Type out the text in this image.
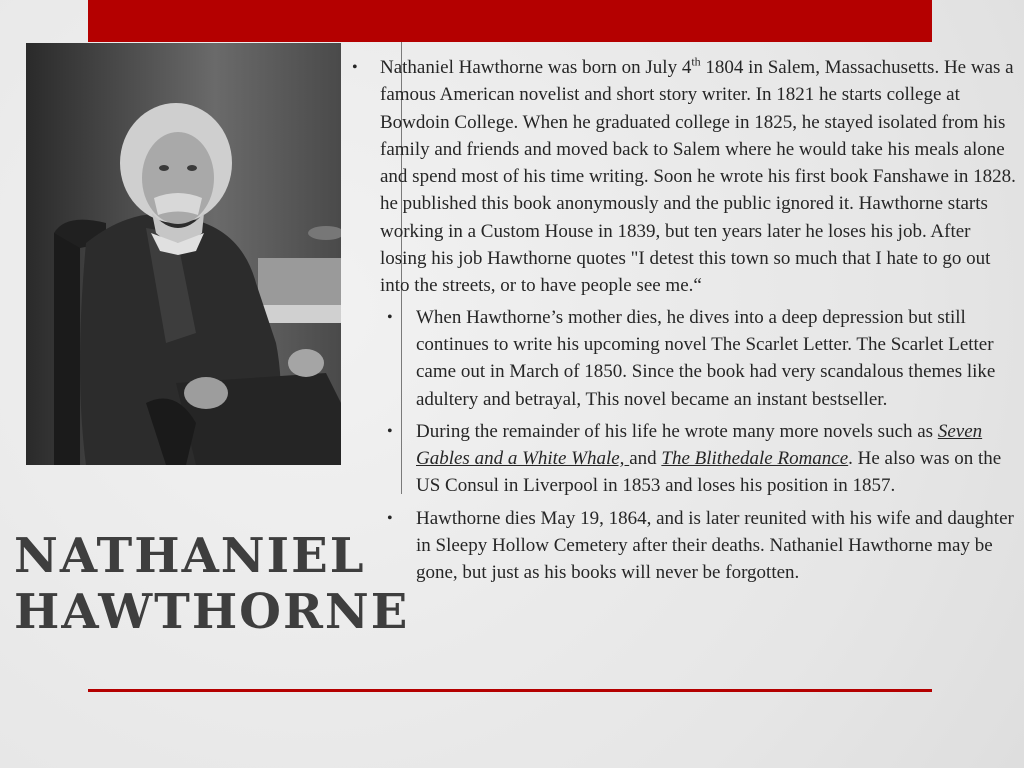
NATHANIEL
HAWTHORNE

• Nathaniel Hawthorne was born on July 4th 1804 in Salem, Massachusetts. He was a famous American novelist and short story writer. In 1821 he starts college at Bowdoin College. When he graduated college in 1825, he stayed isolated from his family and friends and moved back to Salem where he would take his meals alone and spend most of his time writing. Soon he wrote his first book Fanshawe in 1828. he published this book anonymously and the public ignored it. Hawthorne starts working in a Custom House in 1839, but ten years later he loses his job. After losing his job Hawthorne quotes "I detest this town so much that I hate to go out into the streets, or to have people see me.“

• When Hawthorne’s mother dies, he dives into a deep depression but still continues to write his upcoming novel The Scarlet Letter. The Scarlet Letter came out in March of 1850. Since the book had very scandalous themes like adultery and betrayal, This novel became an instant bestseller.

• During the remainder of his life he wrote many more novels such as Seven Gables and a White Whale, and The Blithedale Romance. He also was on the US Consul in Liverpool in 1853 and loses his position in 1857.

• Hawthorne dies May 19, 1864, and is later reunited with his wife and daughter in Sleepy Hollow Cemetery after their deaths. Nathaniel Hawthorne may be gone, but just as his books will never be forgotten.
